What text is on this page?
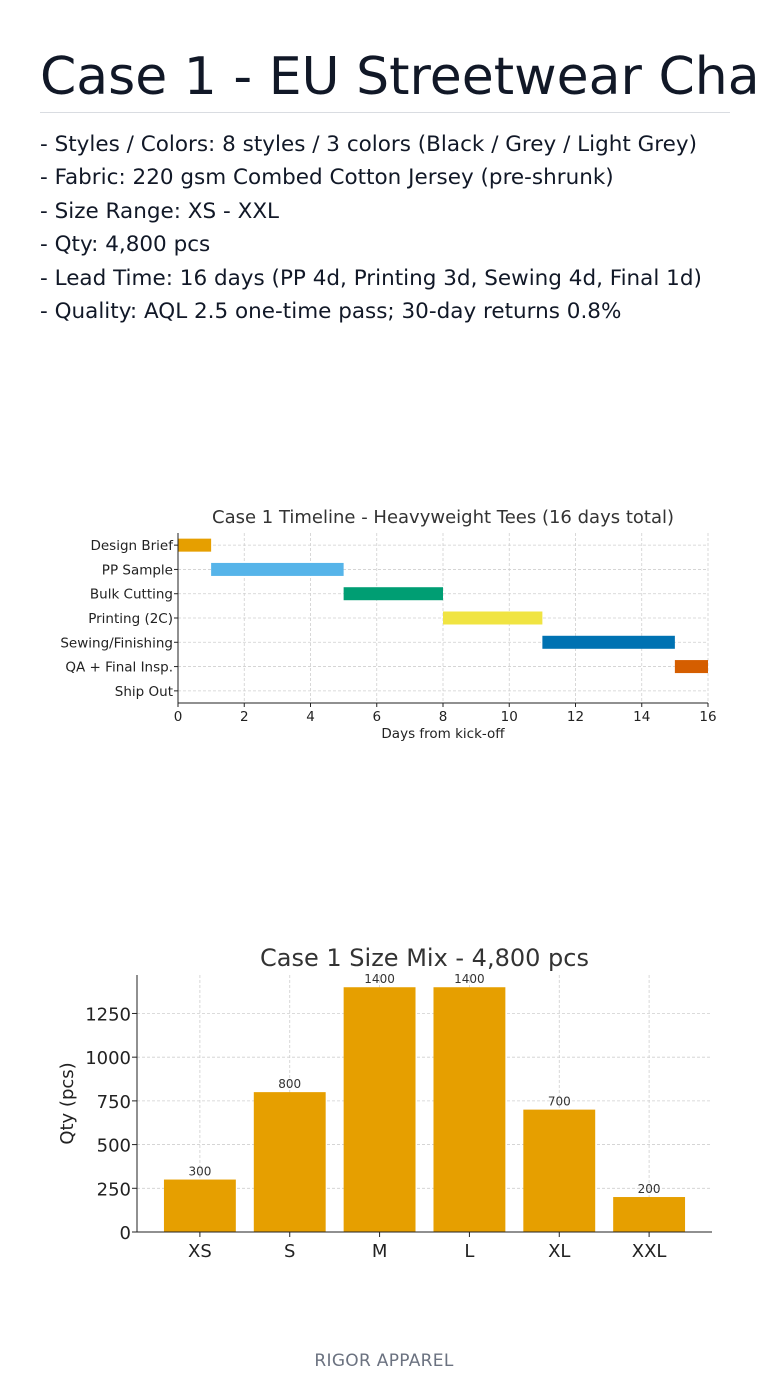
Case 1 - EU Streetwear Cha
- Styles / Colors: 8 styles / 3 colors (Black / Grey / Light Grey)
- Fabric: 220 gsm Combed Cotton Jersey (pre-shrunk)
- Size Range: XS - XXL
- Qty: 4,800 pcs
- Lead Time: 16 days (PP 4d, Printing 3d, Sewing 4d, Final 1d)
- Quality: AQL 2.5 one-time pass; 30-day returns 0.8%
Design Brief
PP Sample
Bulk Cutting
Printing (2C)
Sewing/Finishing
QA + Final Insp.
Ship Out
0	2	4	6	8	10	12	14	16
Case 1 Timeline - Heavyweight Tees (16 days total)
Days from kick-off
300
800
1400	1400
700
200
0
250
500
750
1000
1250
XS	S	M	L	XL	XXL
Case 1 Size Mix - 4,800 pcs
Qty (pcs)
RIGOR APPAREL
